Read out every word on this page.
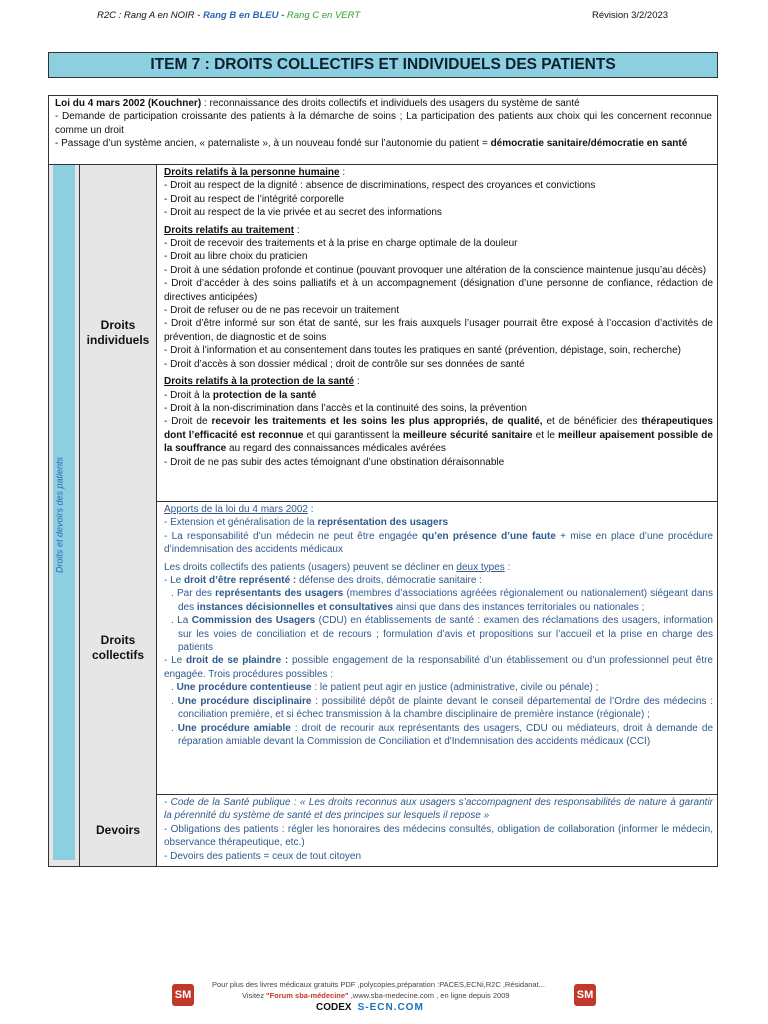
R2C : Rang A en NOIR - Rang B en BLEU - Rang C en VERT	Révision 3/2/2023
ITEM 7 : DROITS COLLECTIFS ET INDIVIDUELS DES PATIENTS

Loi du 4 mars 2002 (Kouchner) : reconnaissance des droits collectifs et individuels des usagers du système de santé

- Demande de participation croissante des patients à la démarche de soins ; La participation des patients aux choix qui les concernent reconnue comme un droit

- Passage d’un système ancien, « paternaliste », à un nouveau fondé sur l’autonomie du patient = démocratie sanitaire/démocratie en santé

Droits et devoirs des patients
Droits individuels

Droits relatifs à la personne humaine :

- Droit au respect de la dignité : absence de discriminations, respect des croyances et convictions

- Droit au respect de l’intégrité corporelle

- Droit au respect de la vie privée et au secret des informations

Droits relatifs au traitement :

- Droit de recevoir des traitements et à la prise en charge optimale de la douleur

- Droit au libre choix du praticien

- Droit à une sédation profonde et continue (pouvant provoquer une altération de la conscience maintenue jusqu’au décès)

- Droit d’accéder à des soins palliatifs et à un accompagnement (désignation d’une personne de confiance, rédaction de directives anticipées)

- Droit de refuser ou de ne pas recevoir un traitement

- Droit d’être informé sur son état de santé, sur les frais auxquels l’usager pourrait être exposé à l’occasion d’activités de prévention, de diagnostic et de soins

- Droit à l’information et au consentement dans toutes les pratiques en santé (prévention, dépistage, soin, recherche)

- Droit d’accès à son dossier médical ; droit de contrôle sur ses données de santé

Droits relatifs à la protection de la santé :

- Droit à la protection de la santé

- Droit à la non-discrimination dans l’accès et la continuité des soins, la prévention

- Droit de recevoir les traitements et les soins les plus appropriés, de qualité, et de bénéficier des thérapeutiques dont l’efficacité est reconnue et qui garantissent la meilleure sécurité sanitaire et le meilleur apaisement possible de la souffrance au regard des connaissances médicales avérées

- Droit de ne pas subir des actes témoignant d’une obstination déraisonnable

Droits collectifs

Apports de la loi du 4 mars 2002 :

- Extension et généralisation de la représentation des usagers

- La responsabilité d’un médecin ne peut être engagée qu’en présence d’une faute + mise en place d’une procédure d’indemnisation des accidents médicaux

Les droits collectifs des patients (usagers) peuvent se décliner en deux types :

- Le droit d’être représenté : défense des droits, démocratie sanitaire :

. Par des représentants des usagers (membres d’associations agréées régionalement ou nationalement) siégeant dans des instances décisionnelles et consultatives ainsi que dans des instances territoriales ou nationales ;

. La Commission des Usagers (CDU) en établissements de santé : examen des réclamations des usagers, information sur les voies de conciliation et de recours ; formulation d’avis et propositions sur l’accueil et la prise en charge des patients

- Le droit de se plaindre : possible engagement de la responsabilité d’un établissement ou d’un professionnel peut être engagée. Trois procédures possibles :

. Une procédure contentieuse : le patient peut agir en justice (administrative, civile ou pénale) ;

. Une procédure disciplinaire : possibilité dépôt de plainte devant le conseil départemental de l’Ordre des médecins : conciliation première, et si échec transmission à la chambre disciplinaire de première instance (régionale) ;

. Une procédure amiable : droit de recourir aux représentants des usagers, CDU ou médiateurs, droit à demande de réparation amiable devant la Commission de Conciliation et d'Indemnisation des accidents médicaux (CCI)

Devoirs

- Code de la Santé publique : « Les droits reconnus aux usagers s’accompagnent des responsabilités de nature à garantir la pérennité du système de santé et des principes sur lesquels il repose »

- Obligations des patients : régler les honoraires des médecins consultés, obligation de collaboration (informer le médecin, observance thérapeutique, etc.)

- Devoirs des patients = ceux de tout citoyen

SM	SM
Pour plus des livres médicaux gratuits PDF ,polycopies,préparation :PACES,ECNi,R2C ,Résidanat...
Visitez "Forum sba-médecine" ,www.sba-medecine.com , en ligne depuis 2009
CODEX S-ECN.COM
